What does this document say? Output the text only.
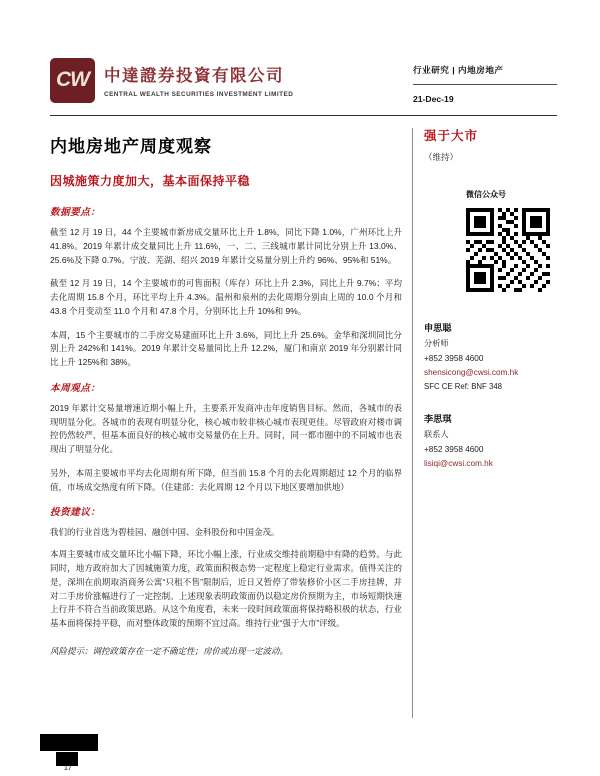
CW 中達證券投資有限公司
CENTRAL WEALTH SECURITIES INVESTMENT LIMITED
行业研究 | 内地房地产
21-Dec-19
内地房地产周度观察
因城施策力度加大，基本面保持平稳
数据要点：

截至 12 月 19 日，44 个主要城市新房成交量环比上升 1.8%，同比下降 1.0%，广州环比上升 41.8%。2019 年累计成交量同比上升 11.6%，一、二、三线城市累计同比分别上升 13.0%、25.6%及下降 0.7%。宁波、芜湖、绍兴 2019 年累计交易量分别上升约 96%、95%和 51%。

截至 12 月 19 日，14 个主要城市的可售面积（库存）环比上升 2.3%，同比上升 9.7%；平均去化周期 15.8 个月，环比平均上升 4.3%。温州和泉州的去化周期分别由上周的 10.0 个月和 43.8 个月变动至 11.0 个月和 47.8 个月，分别环比上升 10%和 9%。

本周，15 个主要城市的二手房交易建面环比上升 3.6%，同比上升 25.6%。金华和深圳同比分别上升 242%和 141%。2019 年累计交易量同比上升 12.2%，厦门和南京 2019 年分别累计同比上升 125%和 38%。

本周观点：

2019 年累计交易量增速近期小幅上升，主要系开发商冲击年度销售目标。然而，各城市的表现明显分化。各城市的表现有明显分化，核心城市较非核心城市表现更佳。尽管政府对楼市调控仍然较严，但基本面良好的核心城市交易量仍在上升。同时，同一都市圈中的不同城市也表现出了明显分化。

另外，本周主要城市平均去化周期有所下降，但当前 15.8 个月的去化周期超过 12 个月的临界值，市场成交热度有所下降。（住建部：去化周期 12 个月以下地区要增加供地）

投资建议：

我们的行业首选为碧桂园、融创中国、金科股份和中国金茂。

本周主要城市成交量环比小幅下降，环比小幅上涨，行业成交维持前期稳中有降的趋势。与此同时，地方政府加大了因城施策力度，政策面积极态势一定程度上稳定行业需求。值得关注的是，深圳在前期取消商务公寓“只租不售”限制后，近日又暂停了带装修价小区二手房挂牌，并对二手房价涨幅进行了一定控制。上述现象表明政策面仍以稳定房价预期为主，市场短期快速上行并不符合当前政策思路。从这个角度看，未来一段时间政策面将保持略积极的状态，行业基本面将保持平稳，而对整体政策的预期不宜过高。维持行业“强于大市”评级。

风险提示：调控政策存在一定不确定性；房价或出现一定波动。

强于大市
（维持）
微信公众号
申思聪
分析师
+852 3958 4600
shensicong@cwsi.com.hk
SFC CE Ref: BNF 348
李思琪
联系人
+852 3958 4600
lisiqi@cwsi.com.hk
17
